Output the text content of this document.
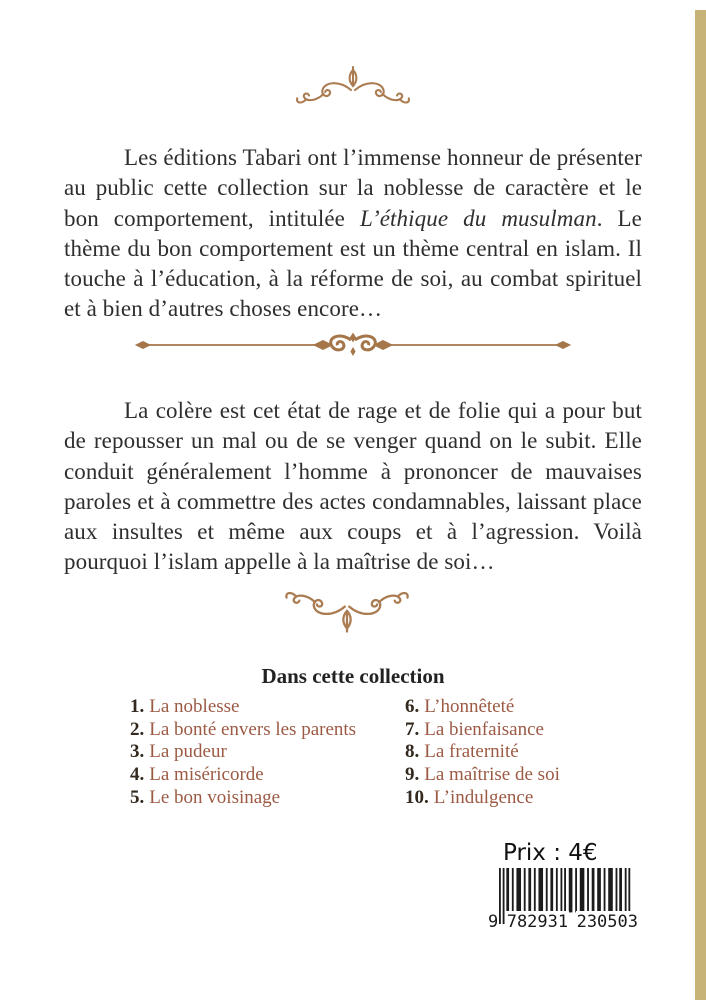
Les éditions Tabari ont l’immense honneur de présenter au public cette collection sur la noblesse de caractère et le bon comportement, intitulée L’éthique du musulman. Le thème du bon comportement est un thème central en islam. Il touche à l’éducation, à la réforme de soi, au combat spirituel et à bien d’autres choses encore…

La colère est cet état de rage et de folie qui a pour but de repousser un mal ou de se venger quand on le subit. Elle conduit généralement l’homme à prononcer de mauvaises paroles et à commettre des actes condamnables, laissant place aux insultes et même aux coups et à l’agression. Voilà pourquoi l’islam appelle à la maîtrise de soi…

Dans cette collection
1. La noblesse
2. La bonté envers les parents
3. La pudeur
4. La miséricorde
5. Le bon voisinage
6. L’honnêteté
7. La bienfaisance
8. La fraternité
9. La maîtrise de soi
10. L’indulgence
Prix : 4€
9 782931 230503
